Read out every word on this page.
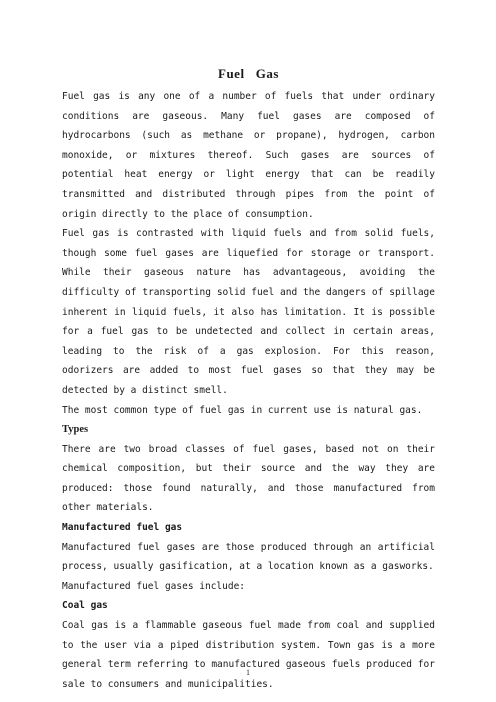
Fuel   Gas

Fuel gas is any one of a number of fuels that under ordinary conditions are gaseous. Many fuel gases are composed of hydrocarbons (such as methane or propane), hydrogen, carbon monoxide, or mixtures thereof. Such gases are sources of potential heat energy or light energy that can be readily transmitted and distributed through pipes from the point of origin directly to the place of consumption.

Fuel gas is contrasted with liquid fuels and from solid fuels, though some fuel gases are liquefied for storage or transport. While their gaseous nature has advantageous, avoiding the difficulty of transporting solid fuel and the dangers of spillage inherent in liquid fuels, it also has limitation. It is possible for a fuel gas to be undetected and collect in certain areas, leading to the risk of a gas explosion. For this reason, odorizers are added to most fuel gases so that they may be detected by a distinct smell.

The most common type of fuel gas in current use is natural gas.

Types

There are two broad classes of fuel gases, based not on their chemical composition, but their source and the way they are produced: those found naturally, and those manufactured from other materials.

Manufactured fuel gas

Manufactured fuel gases are those produced through an artificial process, usually gasification, at a location known as a gasworks.

Manufactured fuel gases include:

Coal gas

Coal gas is a flammable gaseous fuel made from coal and supplied to the user via a piped distribution system. Town gas is a more general term referring to manufactured gaseous fuels produced for sale to consumers and municipalities.

1
